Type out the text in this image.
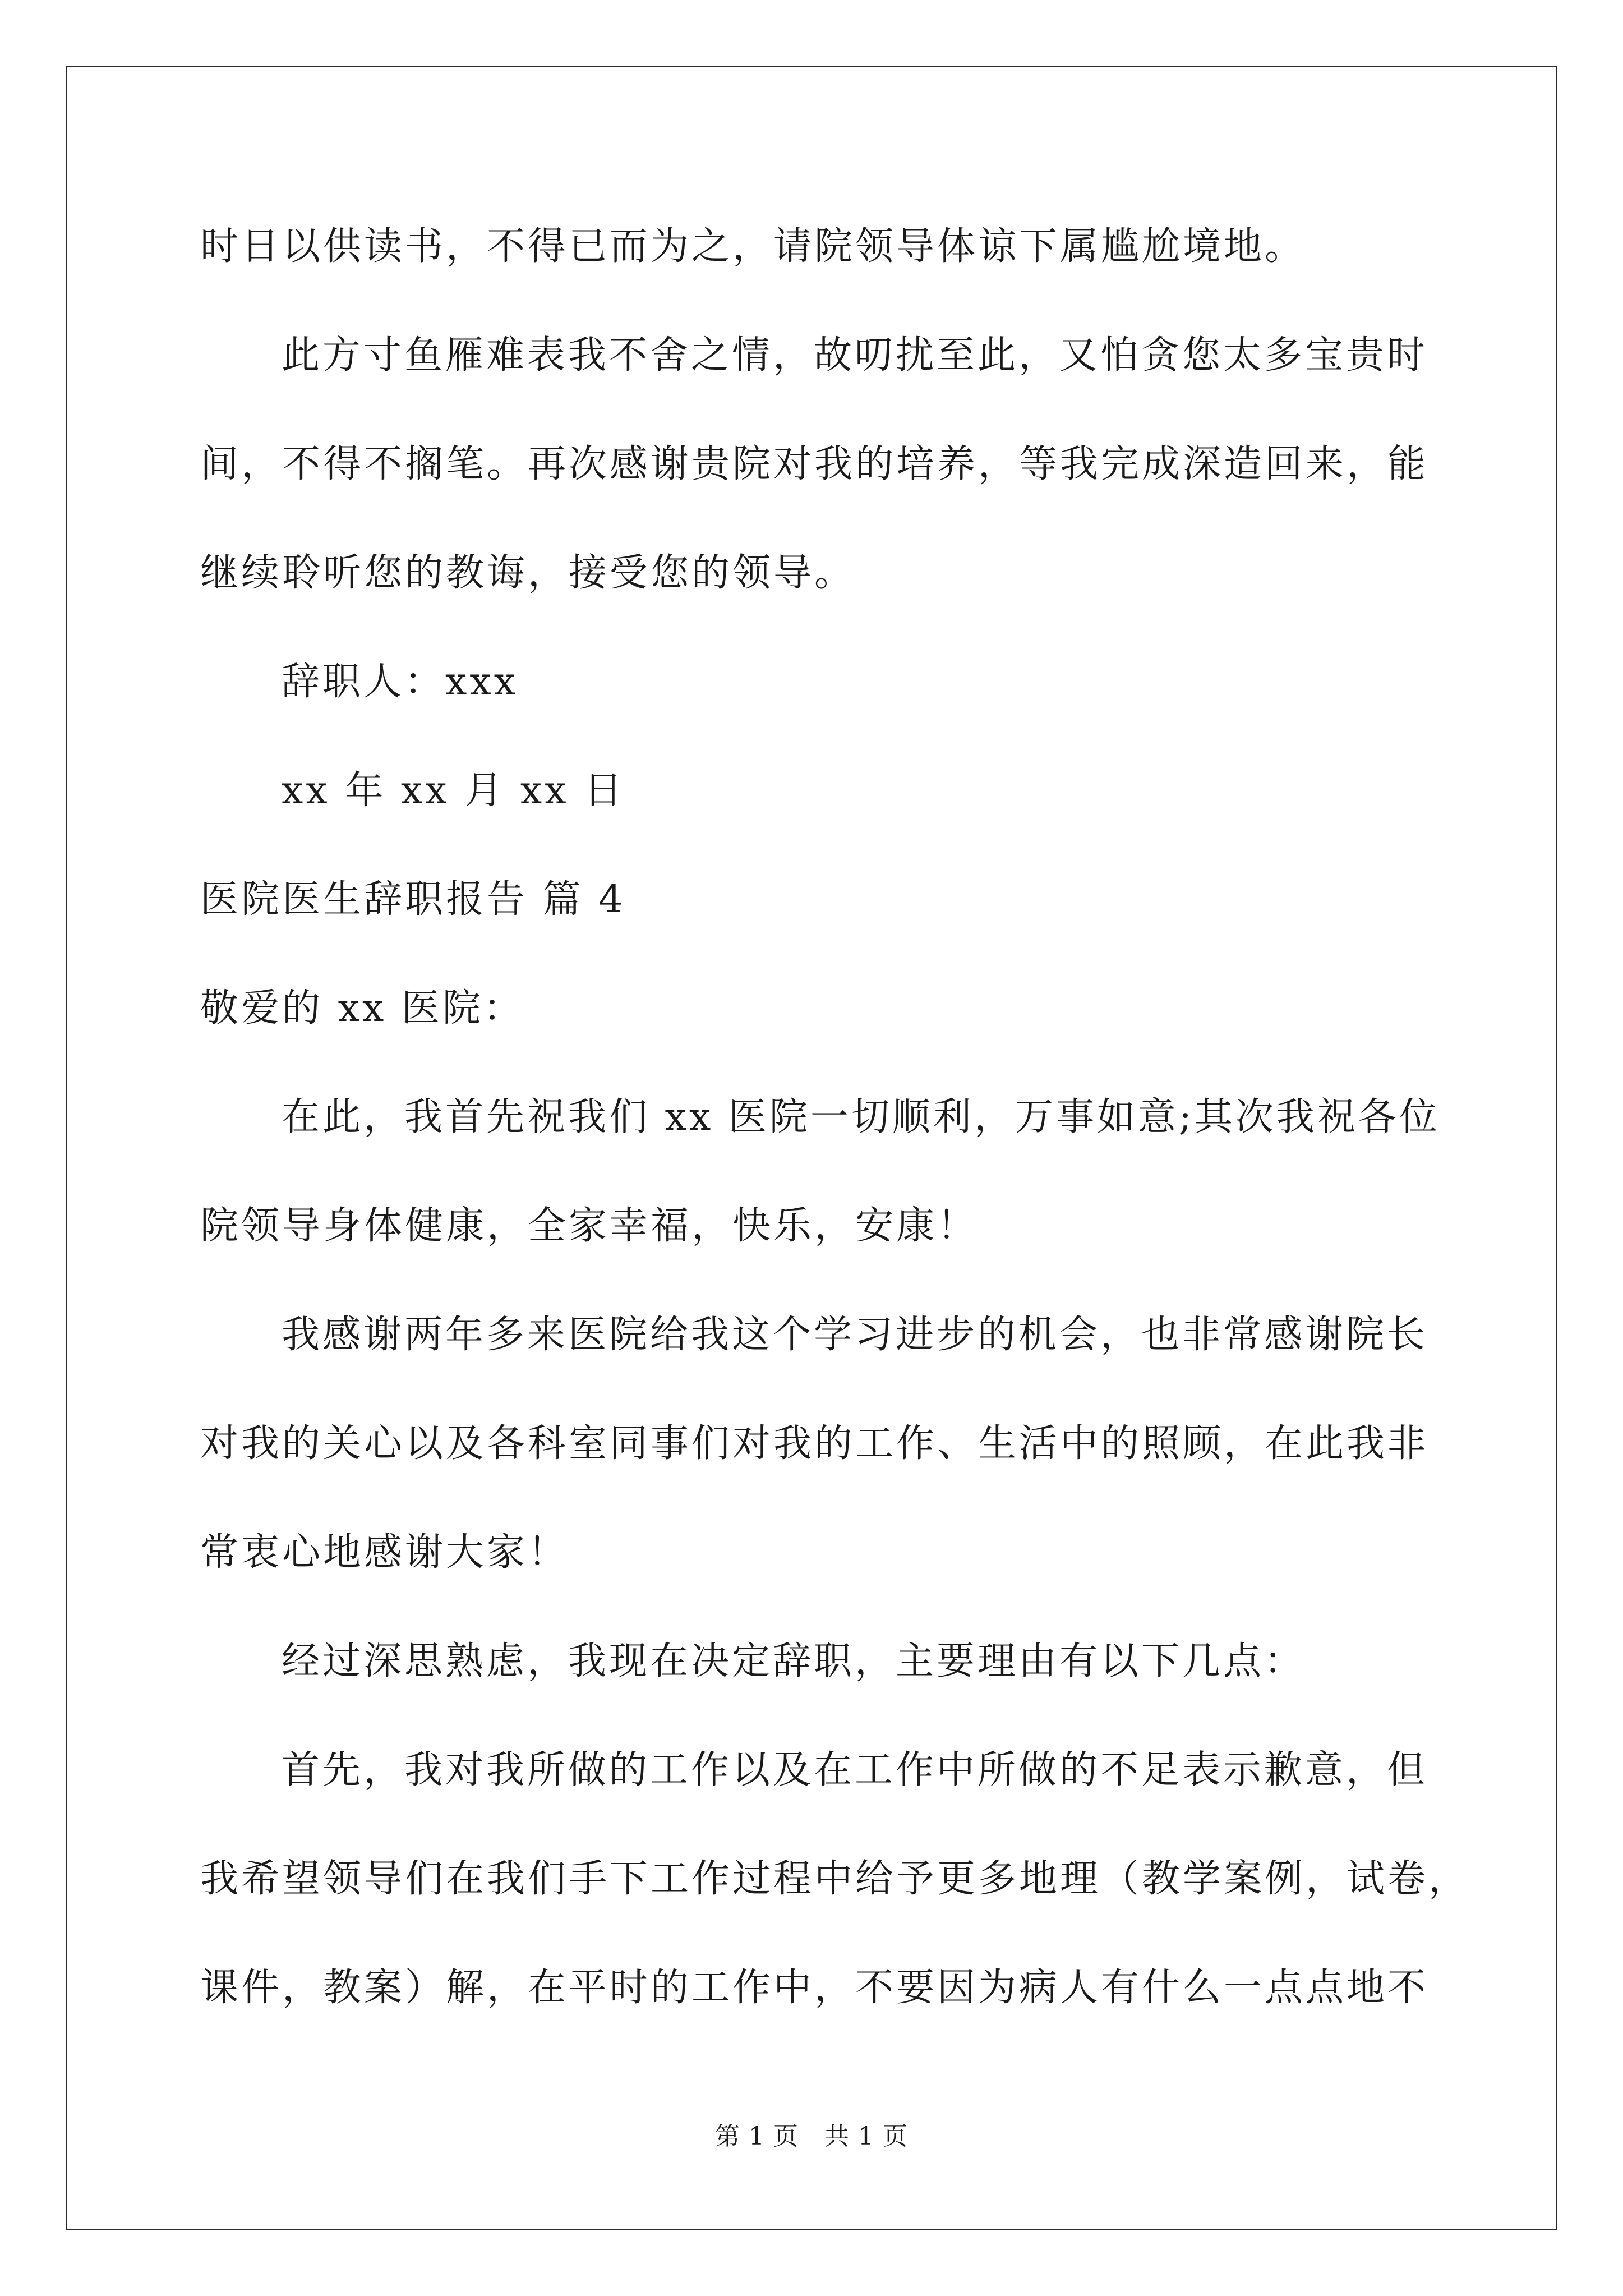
时日以供读书，不得已而为之，请院领导体谅下属尴尬境地。
此方寸鱼雁难表我不舍之情，故叨扰至此，又怕贪您太多宝贵时
间，不得不搁笔。再次感谢贵院对我的培养，等我完成深造回来，能
继续聆听您的教诲，接受您的领导。
辞职人：xxx
xx 年 xx 月 xx 日
医院医生辞职报告 篇 4
敬爱的 xx 医院：
在此，我首先祝我们 xx 医院一切顺利，万事如意;其次我祝各位
院领导身体健康，全家幸福，快乐，安康！
我感谢两年多来医院给我这个学习进步的机会，也非常感谢院长
对我的关心以及各科室同事们对我的工作、生活中的照顾，在此我非
常衷心地感谢大家！
经过深思熟虑，我现在决定辞职，主要理由有以下几点：
首先，我对我所做的工作以及在工作中所做的不足表示歉意，但
我希望领导们在我们手下工作过程中给予更多地理（教学案例，试卷，
课件，教案）解，在平时的工作中，不要因为病人有什么一点点地不
第 1 页 共 1 页
